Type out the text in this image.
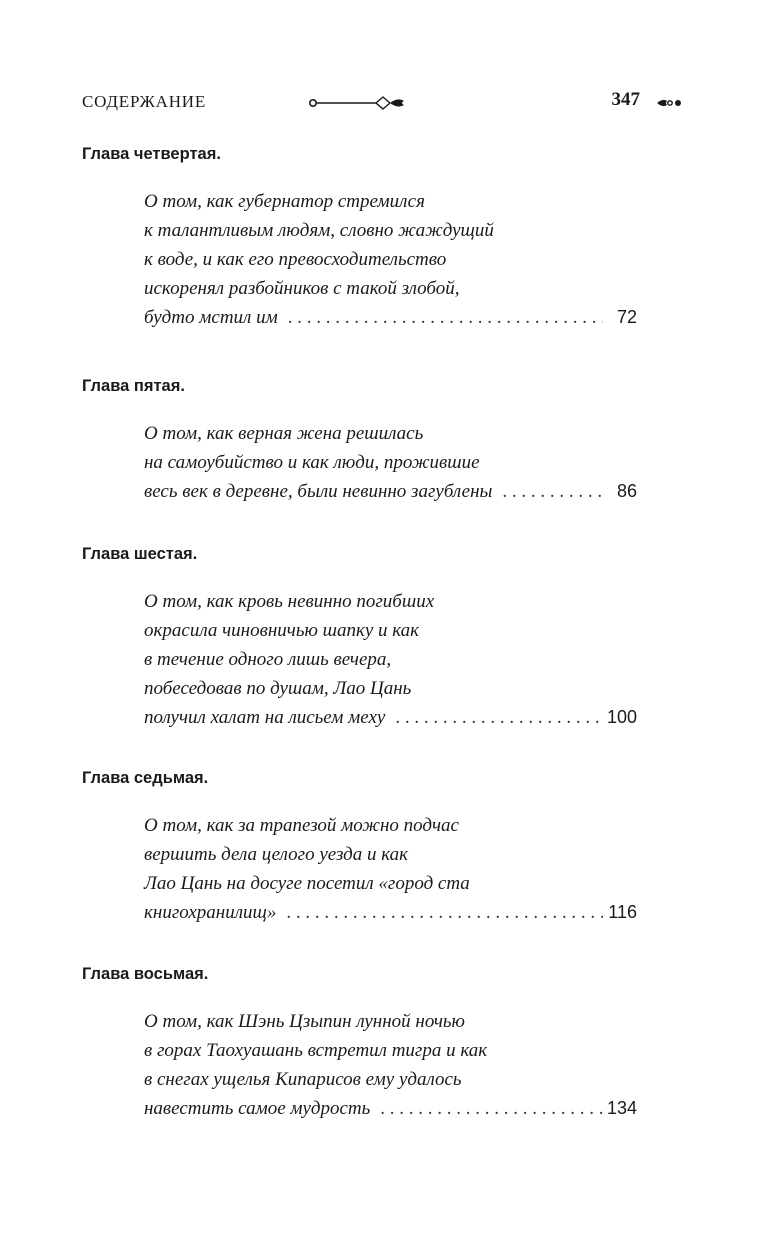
СОДЕРЖАНИЕ	347
Глава четвертая.
О том, как губернатор стремился
к талантливым людям, словно жаждущий
к воде, и как его превосходительство
искоренял разбойников с такой злобой,
будто мстил им . . .	72
Глава пятая.
О том, как верная жена решилась
на самоубийство и как люди, прожившие
весь век в деревне, были невинно загублены . . .	86
Глава шестая.
О том, как кровь невинно погибших
окрасила чиновничью шапку и как
в течение одного лишь вечера,
побеседовав по душам, Лао Цань
получил халат на лисьем меху . . .	100
Глава седьмая.
О том, как за трапезой можно подчас
вершить дела целого уезда и как
Лао Цань на досуге посетил «город ста
книгохранилищ» . . .	116
Глава восьмая.
О том, как Шэнь Цзыпин лунной ночью
в горах Таохуашань встретил тигра и как
в снегах ущелья Кипарисов ему удалось
навестить самое мудрость . . .	134
